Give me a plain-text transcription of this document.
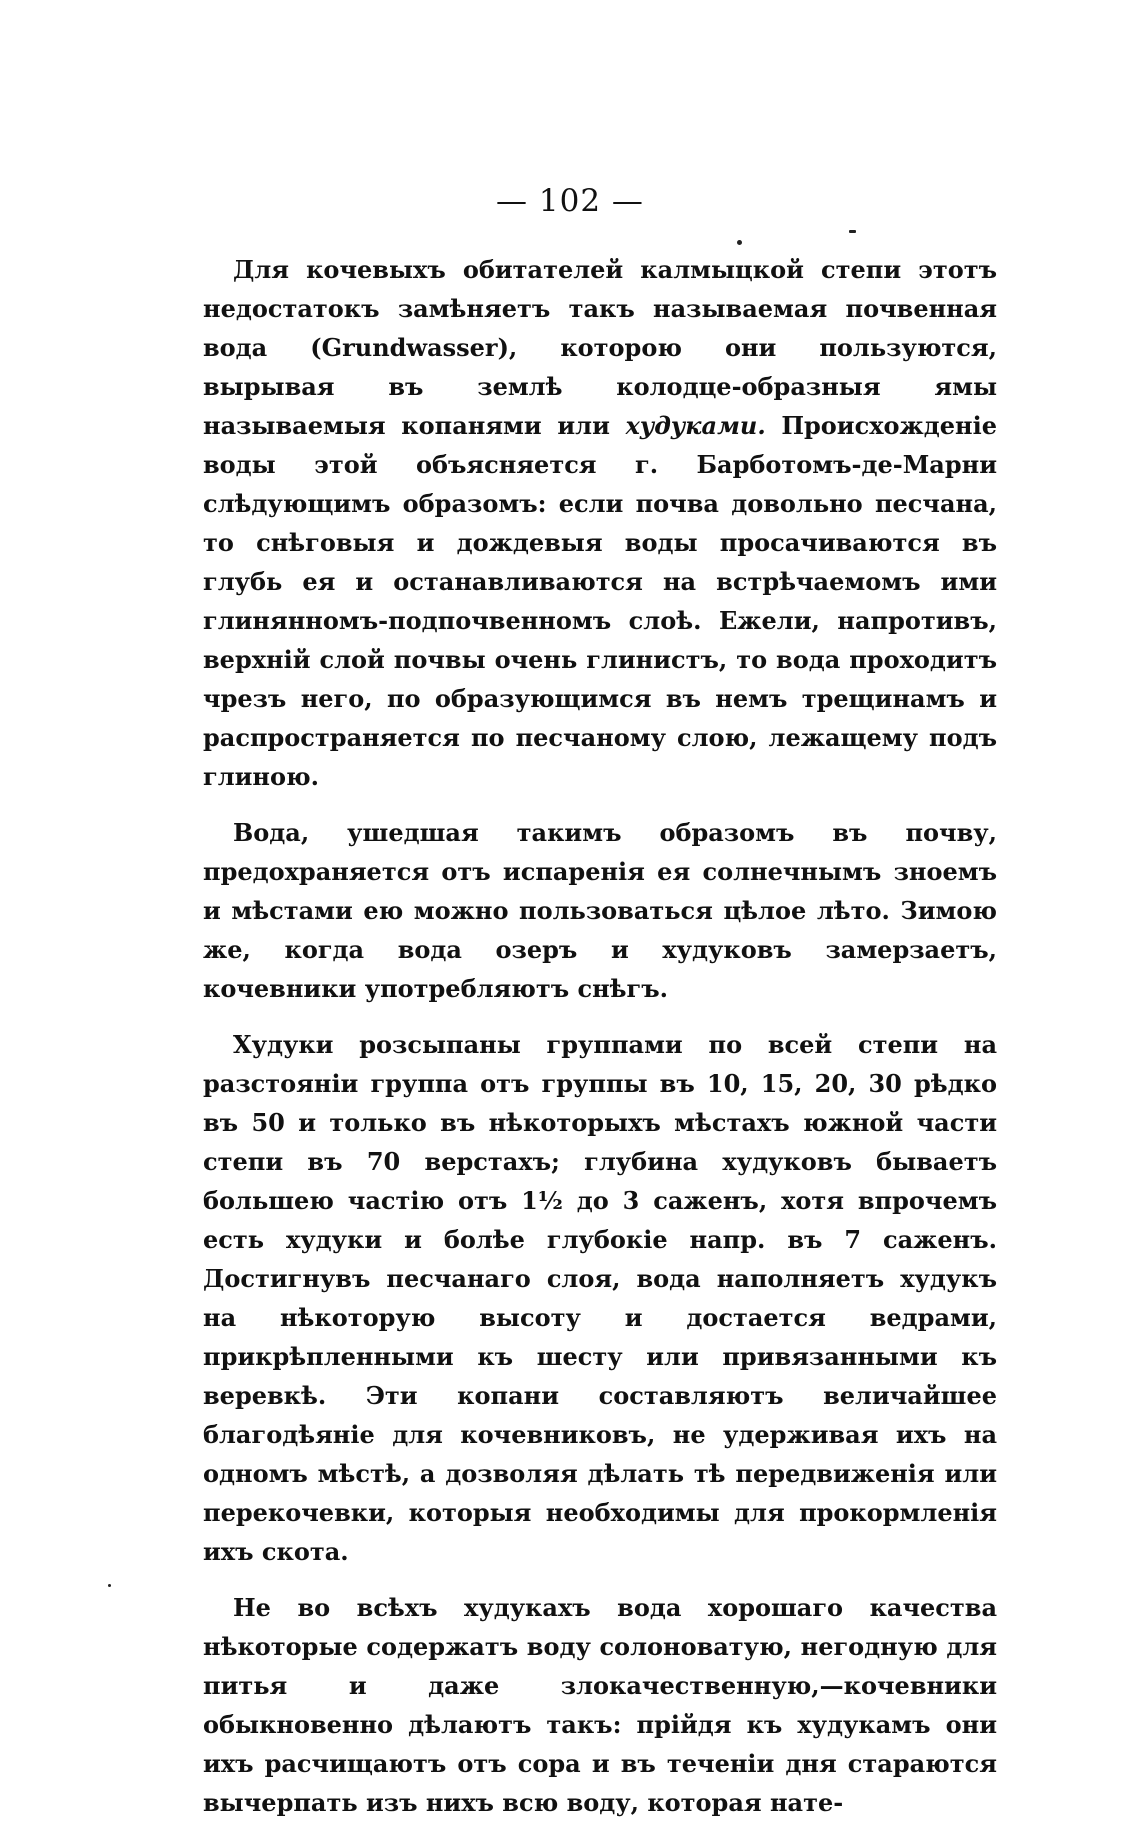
— 102 —

Для кочевыхъ обитателей калмыцкой степи этотъ недостатокъ замѣняетъ такъ называемая почвенная вода (Grundwasser), которою они пользуются, вырывая въ землѣ колодце-образныя ямы называемыя копанями или худуками. Происхожденіе воды этой объясняется г. Барботомъ-де-Марни слѣдующимъ образомъ: если почва довольно песчана, то снѣговыя и дождевыя воды просачиваются въ глубь ея и останавливаются на встрѣчаемомъ ими глинянномъ-подпочвенномъ слоѣ. Ежели, напротивъ, верхній слой почвы очень глинистъ, то вода проходитъ чрезъ него, по образующимся въ немъ трещинамъ и распространяется по песчаному слою, лежащему подъ глиною.

Вода, ушедшая такимъ образомъ въ почву, предохраняется отъ испаренія ея солнечнымъ зноемъ и мѣстами ею можно пользоваться цѣлое лѣто. Зимою же, когда вода озеръ и худуковъ замерзаетъ, кочевники употребляютъ снѣгъ.

Худуки розсыпаны группами по всей степи на разстояніи группа отъ группы въ 10, 15, 20, 30 рѣдко въ 50 и только въ нѣкоторыхъ мѣстахъ южной части степи въ 70 верстахъ; глубина худуковъ бываетъ большею частію отъ 1½ до 3 саженъ, хотя впрочемъ есть худуки и болѣе глубокіе напр. въ 7 саженъ. Достигнувъ песчанаго слоя, вода наполняетъ худукъ на нѣкоторую высоту и достается ведрами, прикрѣпленными къ шесту или привязанными къ веревкѣ. Эти копани составляютъ величайшее благодѣяніе для кочевниковъ, не удерживая ихъ на одномъ мѣстѣ, а дозволяя дѣлать тѣ передвиженія или перекочевки, которыя необходимы для прокормленія ихъ скота.

Не во всѣхъ худукахъ вода хорошаго качества нѣкоторые содержатъ воду солоноватую, негодную для питья и даже злокачественную,—кочевники обыкновенно дѣлаютъ такъ: прійдя къ худукамъ они ихъ расчищаютъ отъ сора и въ теченіи дня стараются вычерпать изъ нихъ всю воду, которая нате-
